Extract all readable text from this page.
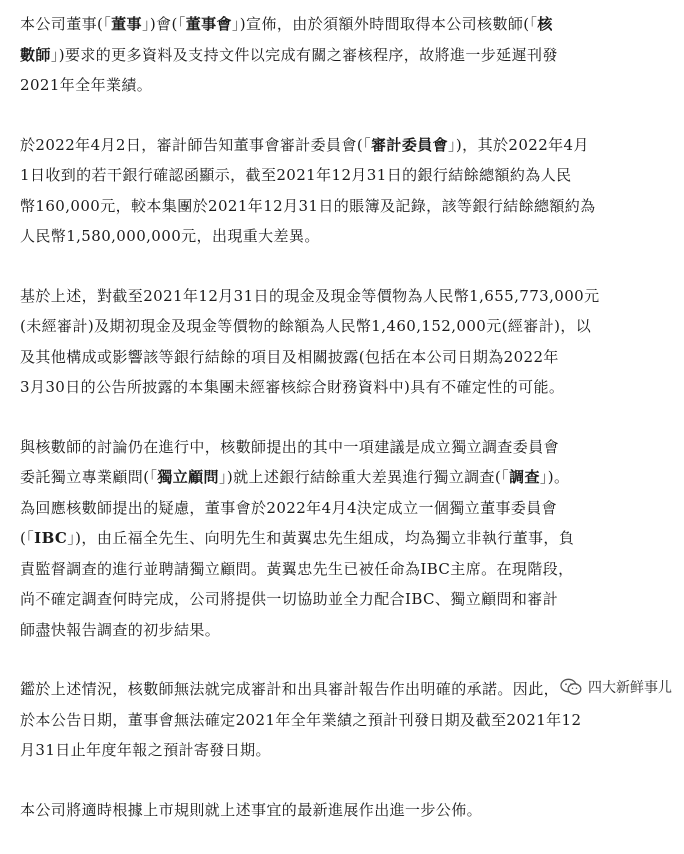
本公司董事(「董事」)會(「董事會」)宣佈，由於須額外時間取得本公司核數師(「核
數師」)要求的更多資料及支持文件以完成有關之審核程序，故將進一步延遲刊發
2021年全年業績。

於2022年4月2日，審計師告知董事會審計委員會(「審計委員會」)，其於2022年4月
1日收到的若干銀行確認函顯示，截至2021年12月31日的銀行結餘總額約為人民
幣160,000元，較本集團於2021年12月31日的賬簿及記錄，該等銀行結餘總額約為
人民幣1,580,000,000元，出現重大差異。

基於上述，對截至2021年12月31日的現金及現金等價物為人民幣1,655,773,000元
(未經審計)及期初現金及現金等價物的餘額為人民幣1,460,152,000元(經審計)，以
及其他構成或影響該等銀行結餘的項目及相關披露(包括在本公司日期為2022年
3月30日的公告所披露的本集團未經審核綜合財務資料中)具有不確定性的可能。

與核數師的討論仍在進行中，核數師提出的其中一項建議是成立獨立調查委員會
委託獨立專業顧問(「獨立顧問」)就上述銀行結餘重大差異進行獨立調查(「調查」)。
為回應核數師提出的疑慮，董事會於2022年4月4決定成立一個獨立董事委員會
(「IBC」)，由丘福全先生、向明先生和黃翼忠先生組成，均為獨立非執行董事，負
責監督調查的進行並聘請獨立顧問。黃翼忠先生已被任命為IBC主席。在現階段，
尚不確定調查何時完成，公司將提供一切協助並全力配合IBC、獨立顧問和審計
師盡快報告調查的初步結果。

鑑於上述情況，核數師無法就完成審計和出具審計報告作出明確的承諾。因此，
於本公告日期，董事會無法確定2021年全年業績之預計刊發日期及截至2021年12
月31日止年度年報之預計寄發日期。

本公司將適時根據上市規則就上述事宜的最新進展作出進一步公佈。

四大新鲜事儿
